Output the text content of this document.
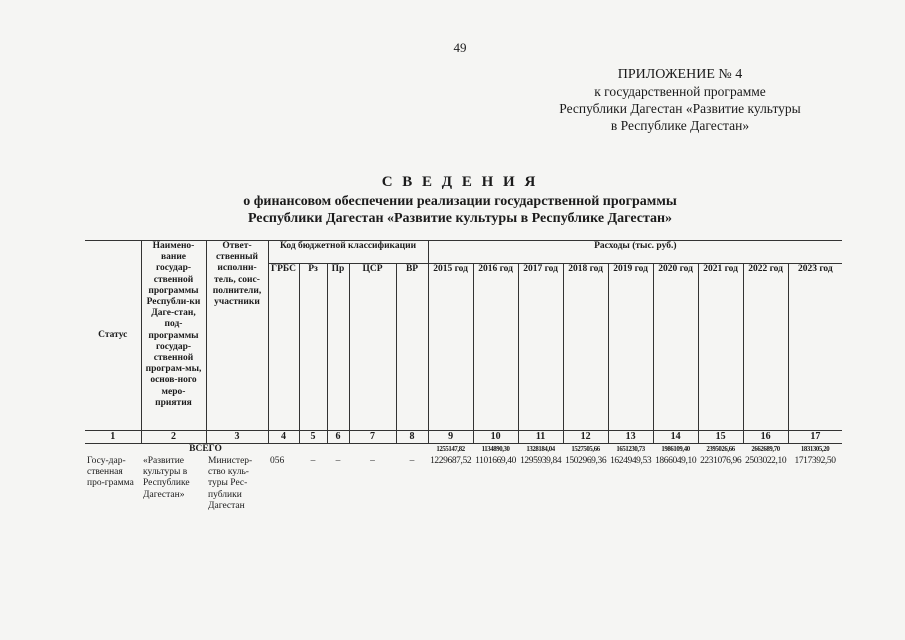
49
ПРИЛОЖЕНИЕ № 4
к государственной программе
Республики Дагестан «Развитие культуры
в Республике Дагестан»
С В Е Д Е Н И Я
о финансовом обеспечении реализации государственной программы
Республики Дагестан «Развитие культуры в Республике Дагестан»
Статус	Наимено-вание государ-ственной программы Республи-ки Даге-стан, под-программы государ-ственной програм-мы, основ-ного меро-приятия	Ответ-ственный исполни-тель, соис-полнители, участники	Код бюджетной классификации					Расходы (тыс. руб.)								
			ГРБС	Рз	Пр	ЦСР	ВР	2015 год	2016 год	2017 год	2018 год	2019 год	2020 год	2021 год	2022 год	2023 год
1	2	3	4	5	6	7	8	9	10	11	12	13	14	15	16	17
ВСЕГО								1255147,82	1134890,30	1328184,04	1527505,66	1651230,73	1986109,40	2395026,66	2662689,70	1831305,20
Госу-дар-ственная про-грамма	«Развитие культуры в Республике Дагестан»	Министер-ство куль-туры Рес-публики Дагестан	056	–	–	–	–	1229687,52	1101669,40	1295939,84	1502969,36	1624949,53	1866049,10	2231076,96	2503022,10	1717392,50
